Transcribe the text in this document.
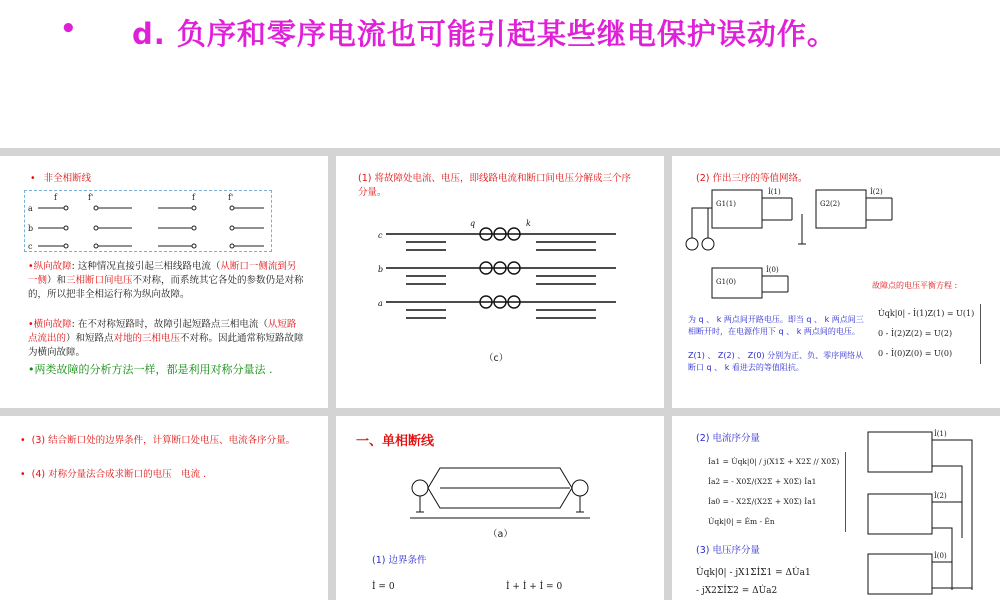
• d. 负序和零序电流也可能引起某些继电保护误动作。
• 非全相断线
a
b
c
f	f'	f	f'
•纵向故障: 这种情况直接引起三相线路电流（从断口一侧流到另一侧）和三相断口间电压不对称，而系统其它各处的参数仍是对称的，所以把非全相运行称为纵向故障。
•横向故障: 在不对称短路时，故障引起短路点三相电流（从短路点流出的）和短路点对地的三相电压不对称。因此通常称短路故障为横向故障。
•两类故障的分析方法一样，都是利用对称分量法 .
(1) 将故障处电流、电压，即线路电流和断口间电压分解成三个序分量。
c
b
a
q	k
（c）
(2) 作出三序的等值网络。
İ(1)
G1(1)
İ(2)
G2(2)
İ(0)
G1(0)
为 q 、 k 两点间开路电压。即当 q 、 k 两点间三相断开时，在电源作用下 q 、 k 两点间的电压。
Z(1) 、 Z(2) 、 Z(0) 分别为正、负、零序网络从断口 q 、 k 看进去的等值阻抗。
故障点的电压平衡方程 :
U̇qk|0| - İ(1)Z(1) = U(1)
0 - İ(2)Z(2) = U(2)
0 - İ(0)Z(0) = U(0)
• (3) 结合断口处的边界条件，计算断口处电压、电流各序分量。
• (4) 对称分量法合成求断口的电压　电流 .
一、单相断线
（a）
(1) 边界条件
İ = 0	İ + İ + İ = 0
(2) 电流序分量
İa1 = U̇qk|0| / j(X1Σ + X2Σ // X0Σ)
İa2 = - X0Σ/(X2Σ + X0Σ) İa1
İa0 = - X2Σ/(X2Σ + X0Σ) İa1
U̇qk|0| = Ėm - Ėn
(3) 电压序分量
U̇qk|0| - jX1ΣİΣ1 = ΔU̇a1
- jX2ΣİΣ2 = ΔU̇a2
İ(1)
İ(2)
İ(0)
